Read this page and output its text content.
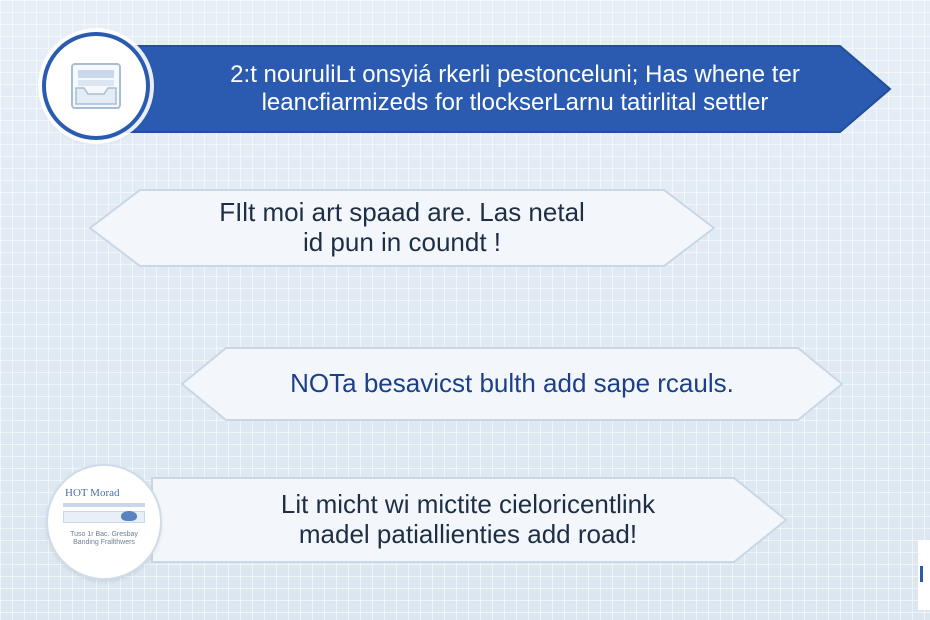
2:t nouruliLt onsyiá rkerli pestonceluni; Has whene ter
leancfiarmizeds for tlockserLarnu tatirlital settler
FIlt moi art spaad are. Las netal
id pun in coundt !
NOTa besavicst bulth add sape rcauls.
Lit micht wi mictite cielоricentlink
madel patiallienties add road!
HOT Morad
Tuso 1r Bac. Gresbay
Banding Frallthwers
